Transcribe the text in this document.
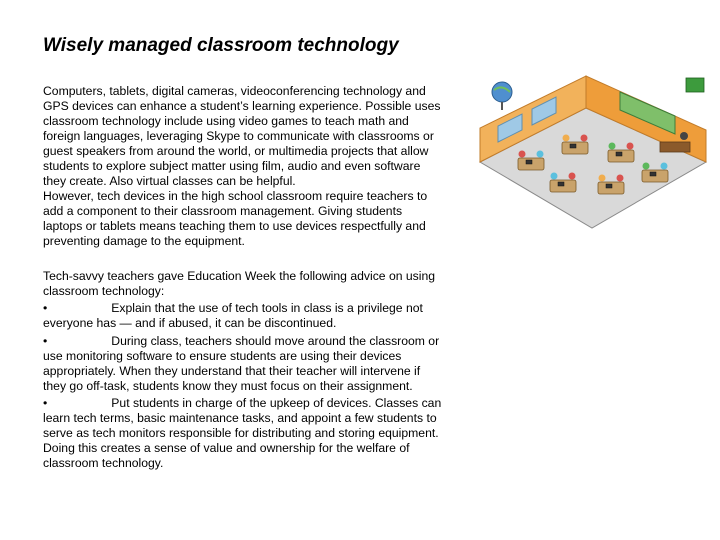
Wisely managed classroom technology

Computers, tablets, digital cameras, videoconferencing technology and

GPS devices can enhance a student’s learning experience. Possible uses

classroom technology include using video games to teach math and

foreign languages, leveraging Skype to communicate with classrooms or

guest speakers from around the world, or multimedia projects that allow

students to explore subject matter using film, audio and even software

they create. Also virtual classes can be helpful.

However, tech devices in the high school classroom require teachers to

add a component to their classroom management. Giving students

laptops or tablets means teaching them to use devices respectfully and

preventing damage to the equipment.

Tech-savvy teachers gave Education Week the following advice on using

classroom technology:

•	Explain that the use of tech tools in class is a privilege not

everyone has — and if abused, it can be discontinued.

•	During class, teachers should move around the classroom or

use monitoring software to ensure students are using their devices

appropriately. When they understand that their teacher will intervene if

they go off-task, students know they must focus on their assignment.

•	Put students in charge of the upkeep of devices. Classes can

learn tech terms, basic maintenance tasks, and appoint a few students to

serve as tech monitors responsible for distributing and storing equipment.

Doing this creates a sense of value and ownership for the welfare of

classroom technology.
